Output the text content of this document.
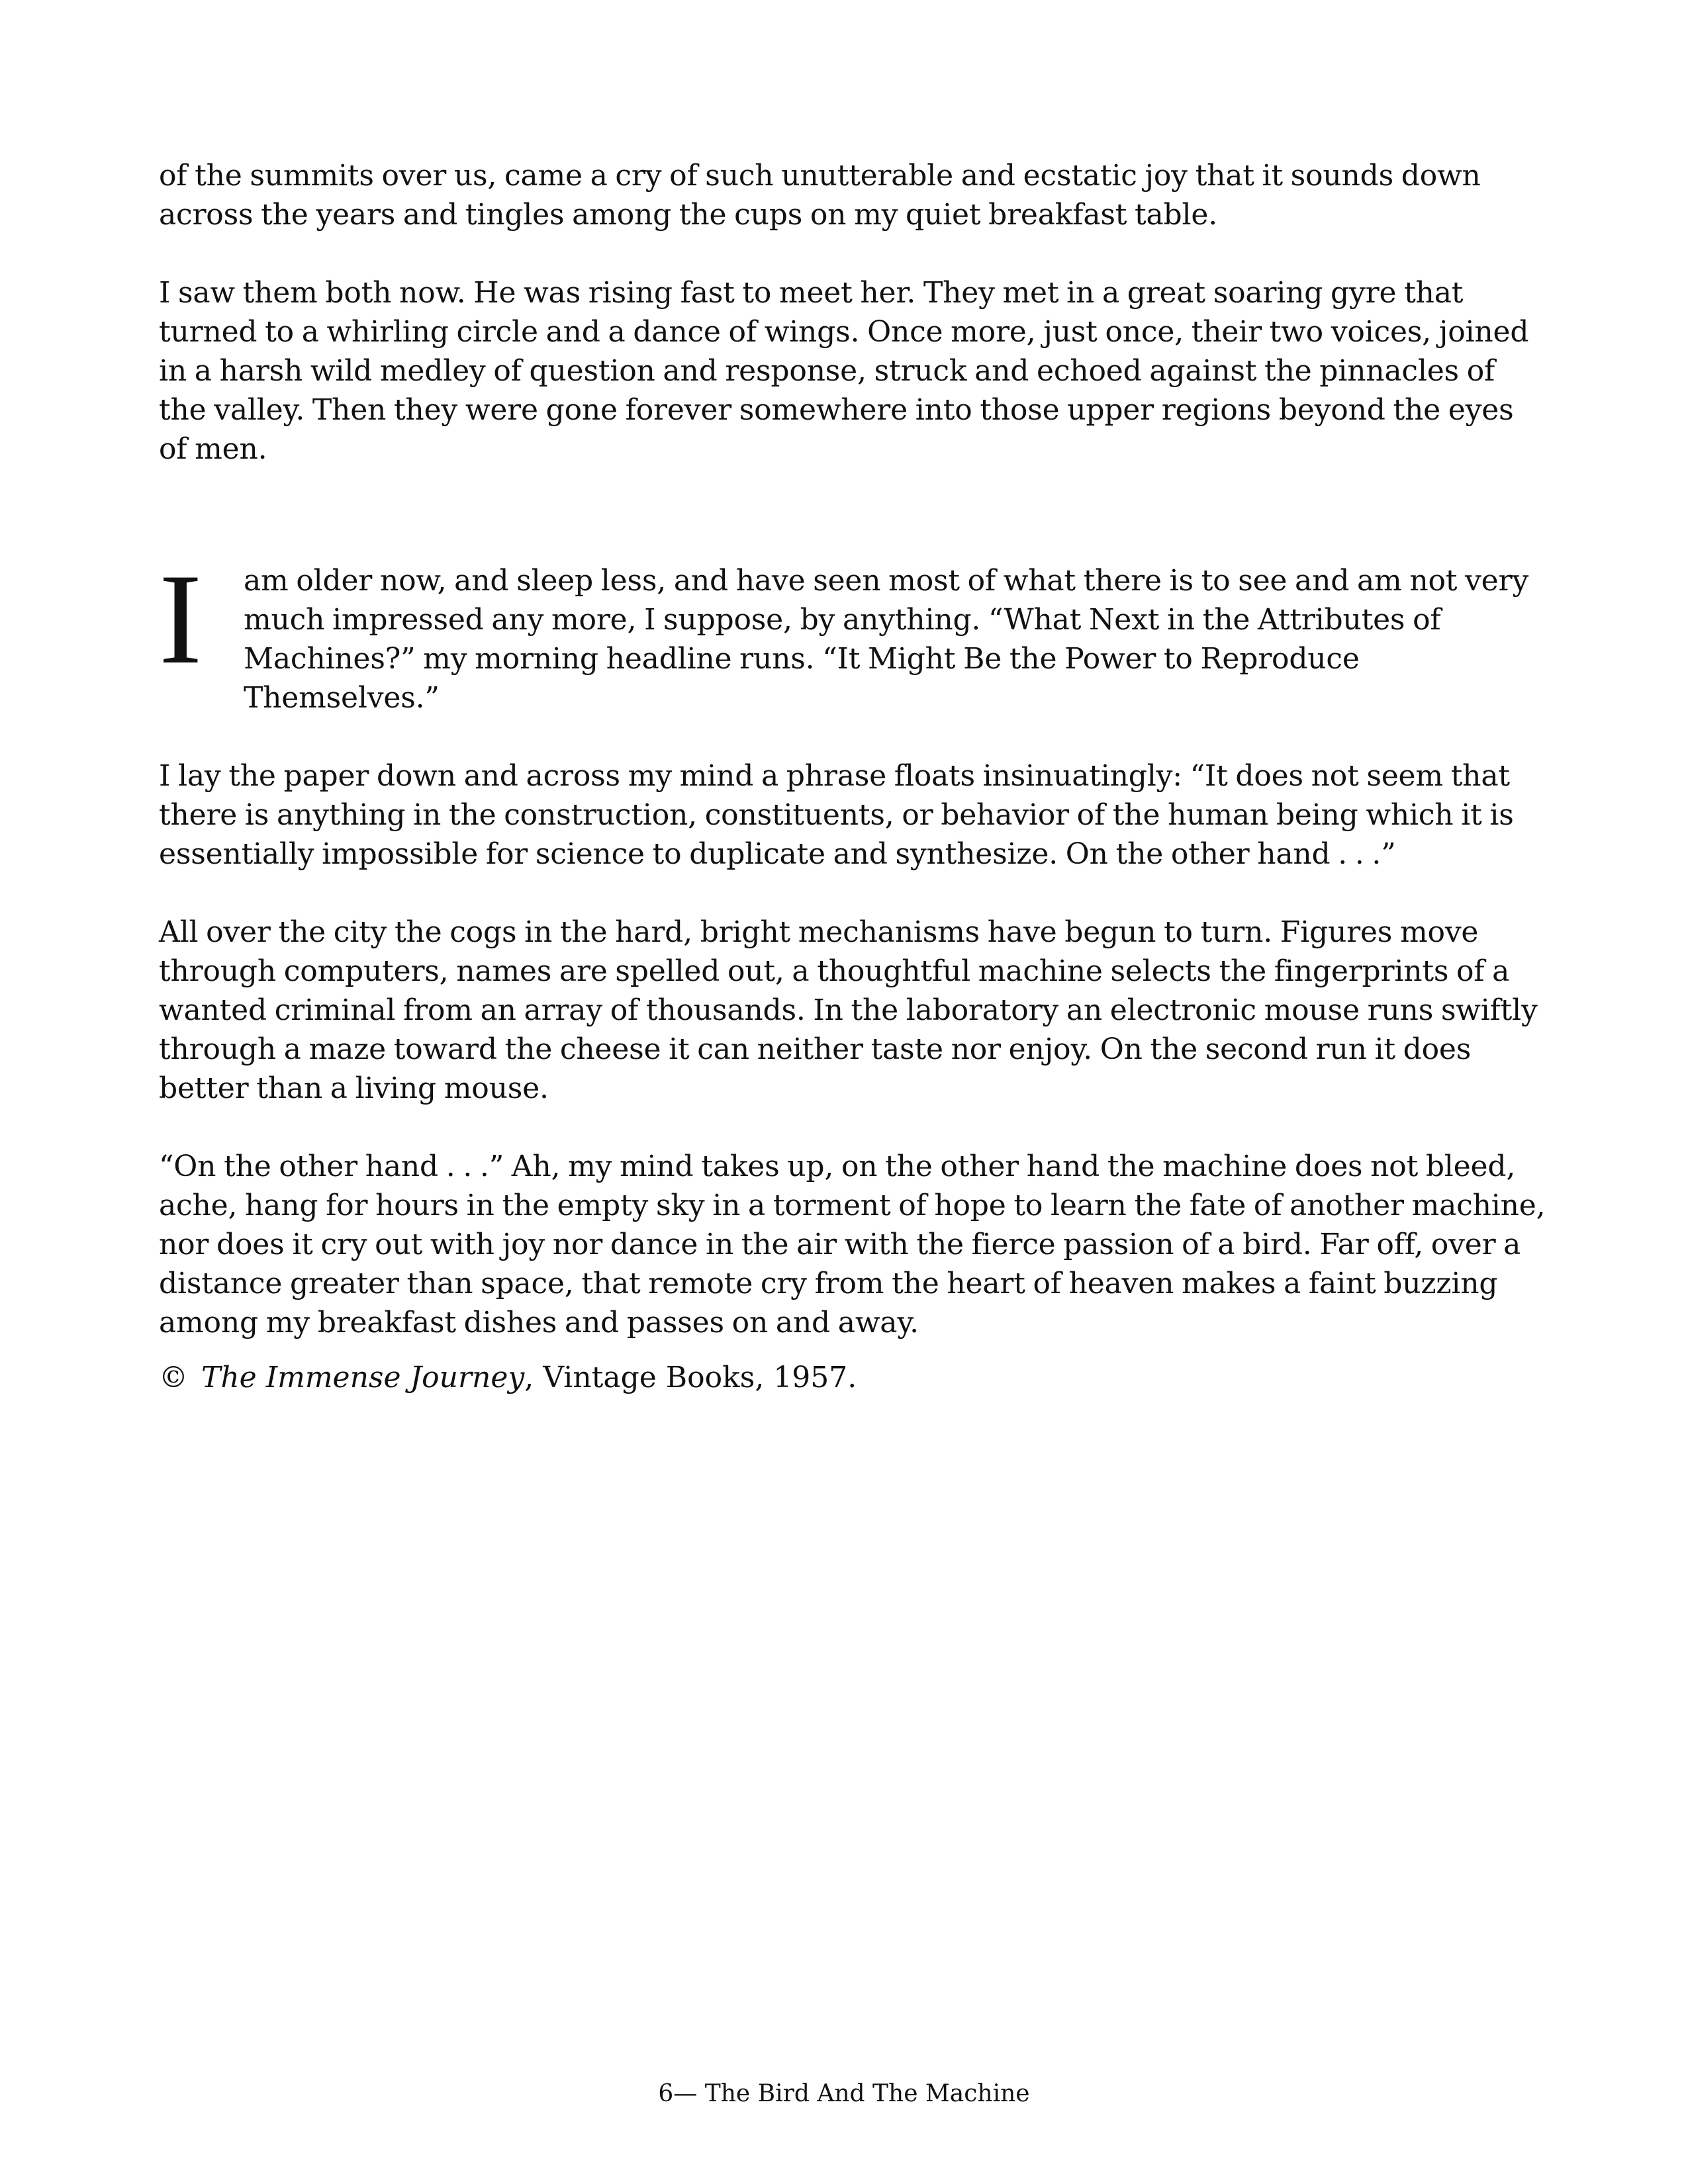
of the summits over us, came a cry of such unutterable and ecstatic joy that it sounds down across the years and tingles among the cups on my quiet breakfast table.

I saw them both now. He was rising fast to meet her. They met in a great soaring gyre that turned to a whirling circle and a dance of wings. Once more, just once, their two voices, joined in a harsh wild medley of question and response, struck and echoed against the pinnacles of the valley. Then they were gone forever somewhere into those upper regions beyond the eyes of men.

I am older now, and sleep less, and have seen most of what there is to see and am not very much impressed any more, I suppose, by anything. “What Next in the Attributes of Machines?” my morning headline runs. “It Might Be the Power to Reproduce Themselves.”

I lay the paper down and across my mind a phrase floats insinuatingly: “It does not seem that there is anything in the construction, constituents, or behavior of the human being which it is essentially impossible for science to duplicate and synthesize. On the other hand . . .”

All over the city the cogs in the hard, bright mechanisms have begun to turn. Figures move through computers, names are spelled out, a thoughtful machine selects the fingerprints of a wanted criminal from an array of thousands. In the laboratory an electronic mouse runs swiftly through a maze toward the cheese it can neither taste nor enjoy. On the second run it does better than a living mouse.

“On the other hand . . .” Ah, my mind takes up, on the other hand the machine does not bleed, ache, hang for hours in the empty sky in a torment of hope to learn the fate of another machine, nor does it cry out with joy nor dance in the air with the fierce passion of a bird. Far off, over a distance greater than space, that remote cry from the heart of heaven makes a faint buzzing among my breakfast dishes and passes on and away.

© The Immense Journey, Vintage Books, 1957.
6— The Bird And The Machine
